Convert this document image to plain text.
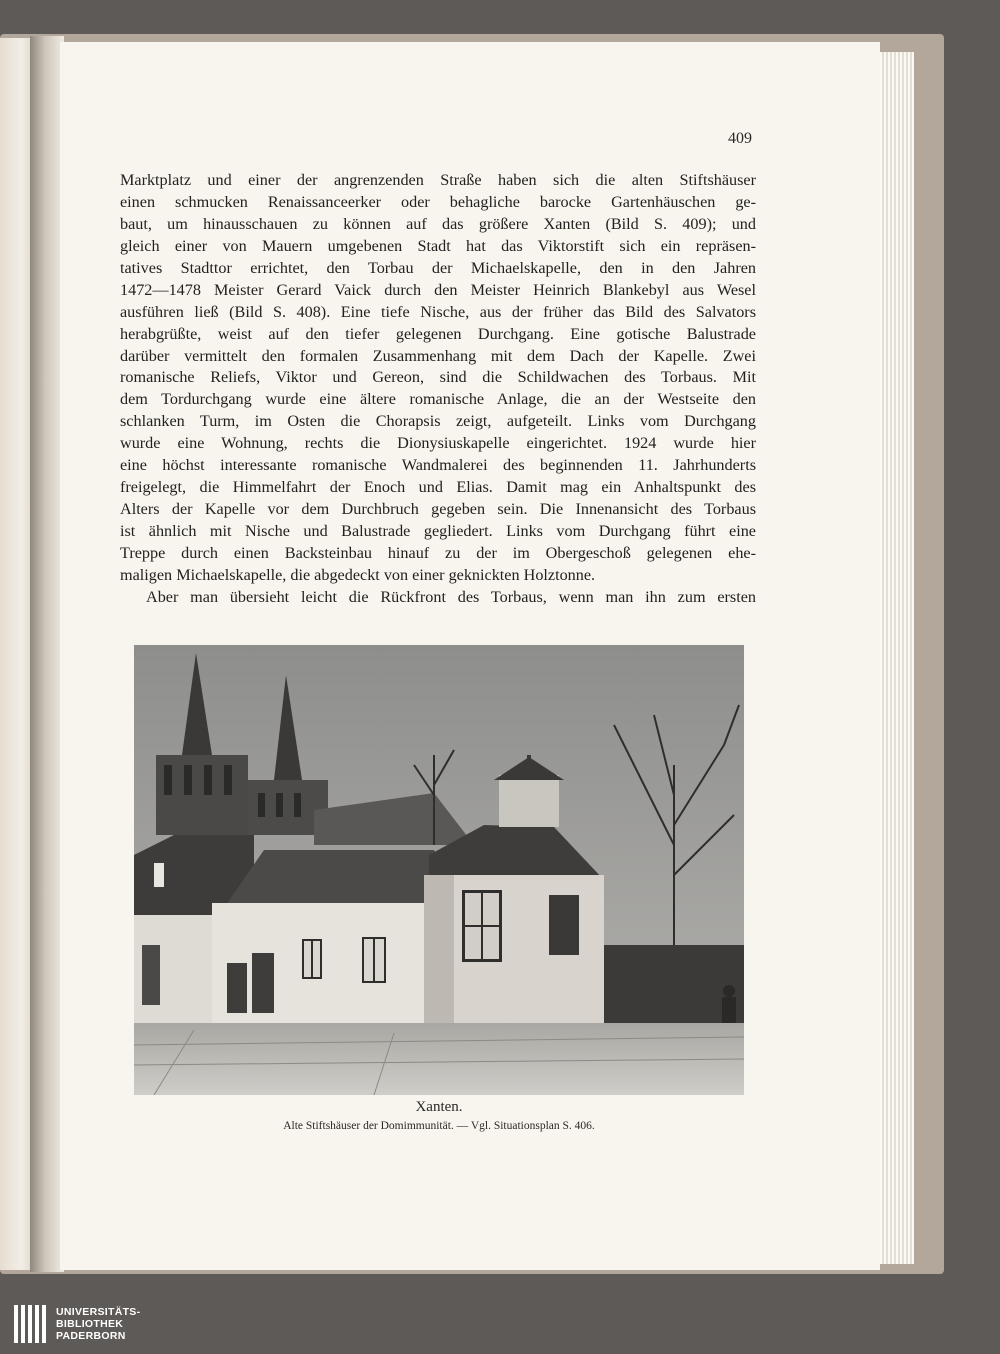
409
Marktplatz und einer der angrenzenden Straße haben sich die alten Stiftshäuser
einen schmucken Renaissanceerker oder behagliche barocke Gartenhäuschen ge-
baut, um hinausschauen zu können auf das größere Xanten (Bild S. 409); und
gleich einer von Mauern umgebenen Stadt hat das Viktorstift sich ein repräsen-
tatives Stadttor errichtet, den Torbau der Michaelskapelle, den in den Jahren
1472—1478 Meister Gerard Vaick durch den Meister Heinrich Blankebyl aus Wesel
ausführen ließ (Bild S. 408). Eine tiefe Nische, aus der früher das Bild des Salvators
herabgrüßte, weist auf den tiefer gelegenen Durchgang. Eine gotische Balustrade
darüber vermittelt den formalen Zusammenhang mit dem Dach der Kapelle. Zwei
romanische Reliefs, Viktor und Gereon, sind die Schildwachen des Torbaus. Mit
dem Tordurchgang wurde eine ältere romanische Anlage, die an der Westseite den
schlanken Turm, im Osten die Chorapsis zeigt, aufgeteilt. Links vom Durchgang
wurde eine Wohnung, rechts die Dionysiuskapelle eingerichtet. 1924 wurde hier
eine höchst interessante romanische Wandmalerei des beginnenden 11. Jahrhunderts
freigelegt, die Himmelfahrt der Enoch und Elias. Damit mag ein Anhaltspunkt des
Alters der Kapelle vor dem Durchbruch gegeben sein. Die Innenansicht des Torbaus
ist ähnlich mit Nische und Balustrade gegliedert. Links vom Durchgang führt eine
Treppe durch einen Backsteinbau hinauf zu der im Obergeschoß gelegenen ehe-
maligen Michaelskapelle, die abgedeckt von einer geknickten Holztonne.
Aber man übersieht leicht die Rückfront des Torbaus, wenn man ihn zum ersten
Xanten.
Alte Stiftshäuser der Domimmunität. — Vgl. Situationsplan S. 406.
UNIVERSITÄTS-
BIBLIOTHEK
PADERBORN
